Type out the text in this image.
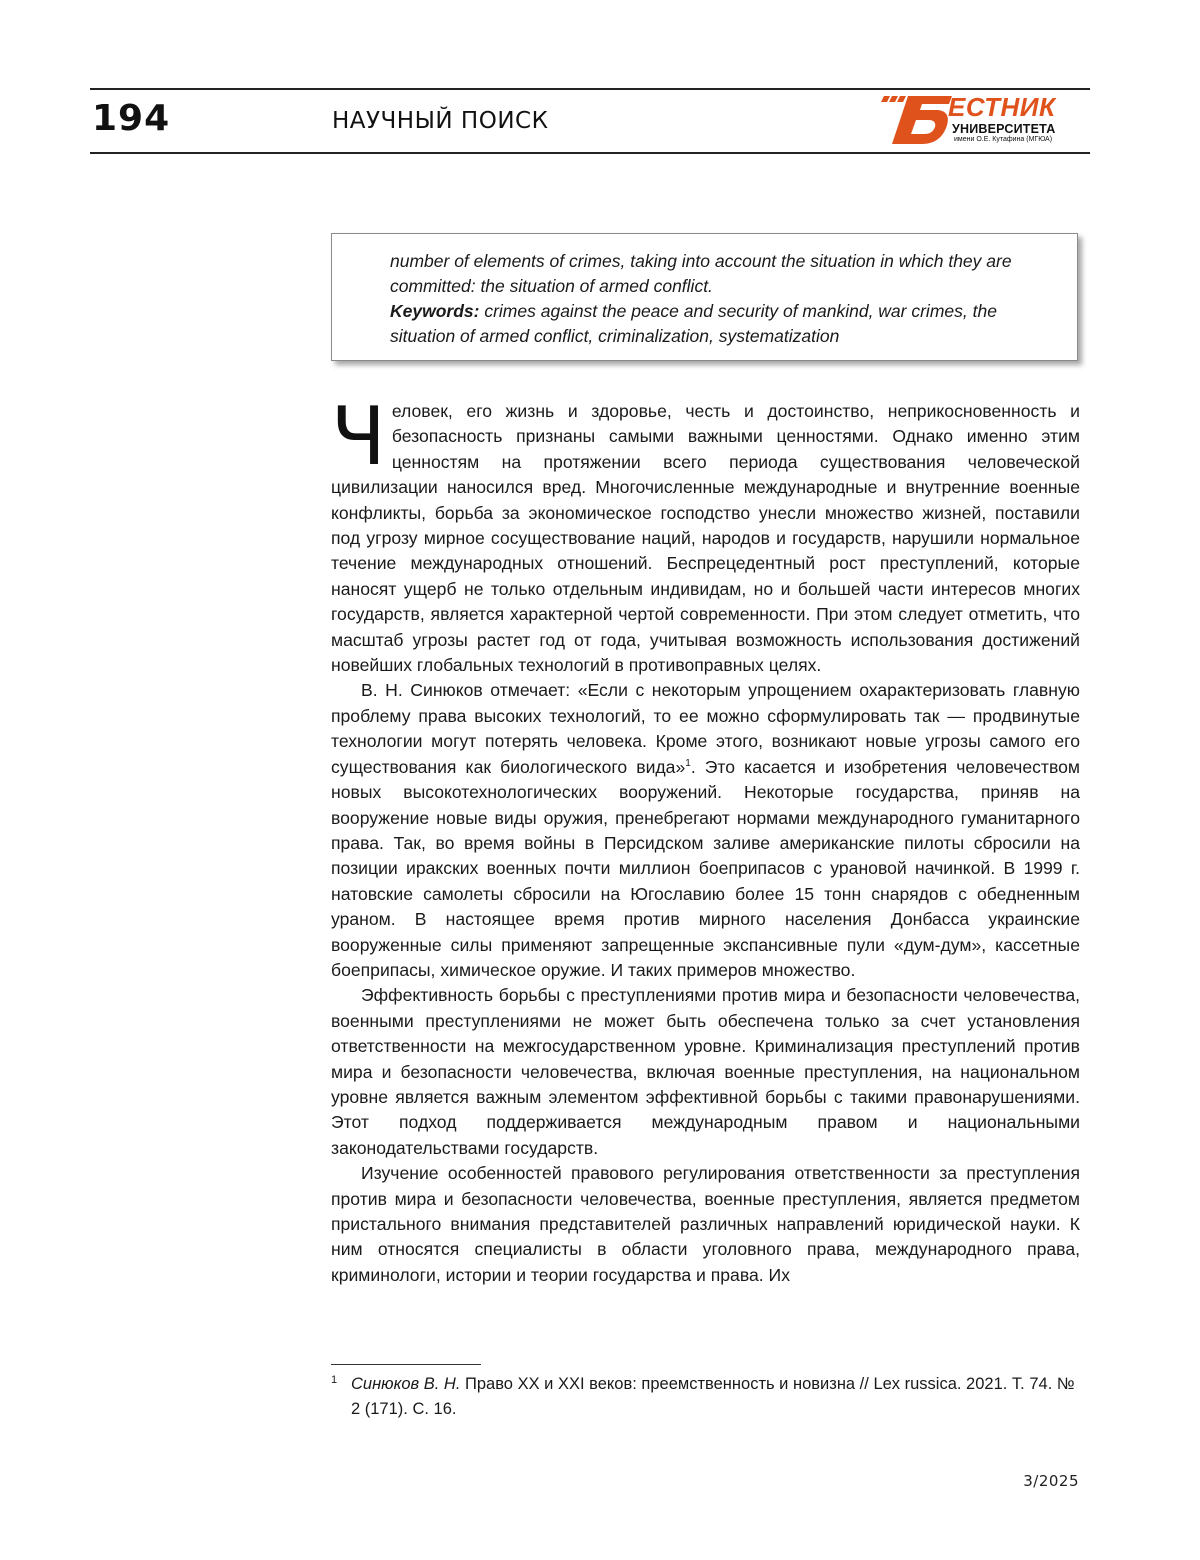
194	НАУЧНЫЙ ПОИСК	ЕСТНИК
УНИВЕРСИТЕТА
имени О.Е. Кутафина (МГЮА)

number of elements of crimes, taking into account the situation in which they are committed: the situation of armed conflict.

Keywords: crimes against the peace and security of mankind, war crimes, the situation of armed conflict, criminalization, systematization

Ч еловек, его жизнь и здоровье, честь и достоинство, неприкосновенность и безопасность признаны самыми важными ценностями. Однако именно этим ценностям на протяжении всего периода существования человеческой цивилизации наносился вред. Многочисленные международные и внутренние военные конфликты, борьба за экономическое господство унесли множество жизней, поставили под угрозу мирное сосуществование наций, народов и государств, нарушили нормальное течение международных отношений. Беспрецедентный рост преступлений, которые наносят ущерб не только отдельным индивидам, но и большей части интересов многих государств, является характерной чертой современности. При этом следует отметить, что масштаб угрозы растет год от года, учитывая возможность использования достижений новейших глобальных технологий в противоправных целях.

В. Н. Синюков отмечает: «Если с некоторым упрощением охарактеризовать главную проблему права высоких технологий, то ее можно сформулировать так — продвинутые технологии могут потерять человека. Кроме этого, возникают новые угрозы самого его существования как биологического вида»1. Это касается и изобретения человечеством новых высокотехнологических вооружений. Некоторые государства, приняв на вооружение новые виды оружия, пренебрегают нормами международного гуманитарного права. Так, во время войны в Персидском заливе американские пилоты сбросили на позиции иракских военных почти миллион боеприпасов с урановой начинкой. В 1999 г. натовские самолеты сбросили на Югославию более 15 тонн снарядов с обедненным ураном. В настоящее время против мирного населения Донбасса украинские вооруженные силы применяют запрещенные экспансивные пули «дум-дум», кассетные боеприпасы, химическое оружие. И таких примеров множество.

Эффективность борьбы с преступлениями против мира и безопасности человечества, военными преступлениями не может быть обеспечена только за счет установления ответственности на межгосударственном уровне. Криминализация преступлений против мира и безопасности человечества, включая военные преступления, на национальном уровне является важным элементом эффективной борьбы с такими правонарушениями. Этот подход поддерживается международным правом и национальными законодательствами государств.

Изучение особенностей правового регулирования ответственности за преступления против мира и безопасности человечества, военные преступления, является предметом пристального внимания представителей различных направлений юридической науки. К ним относятся специалисты в области уголовного права, международного права, криминологи, истории и теории государства и права. Их

1 Синюков В. Н. Право XX и XXI веков: преемственность и новизна // Lex russica. 2021. Т. 74. № 2 (171). С. 16.
3/2025
